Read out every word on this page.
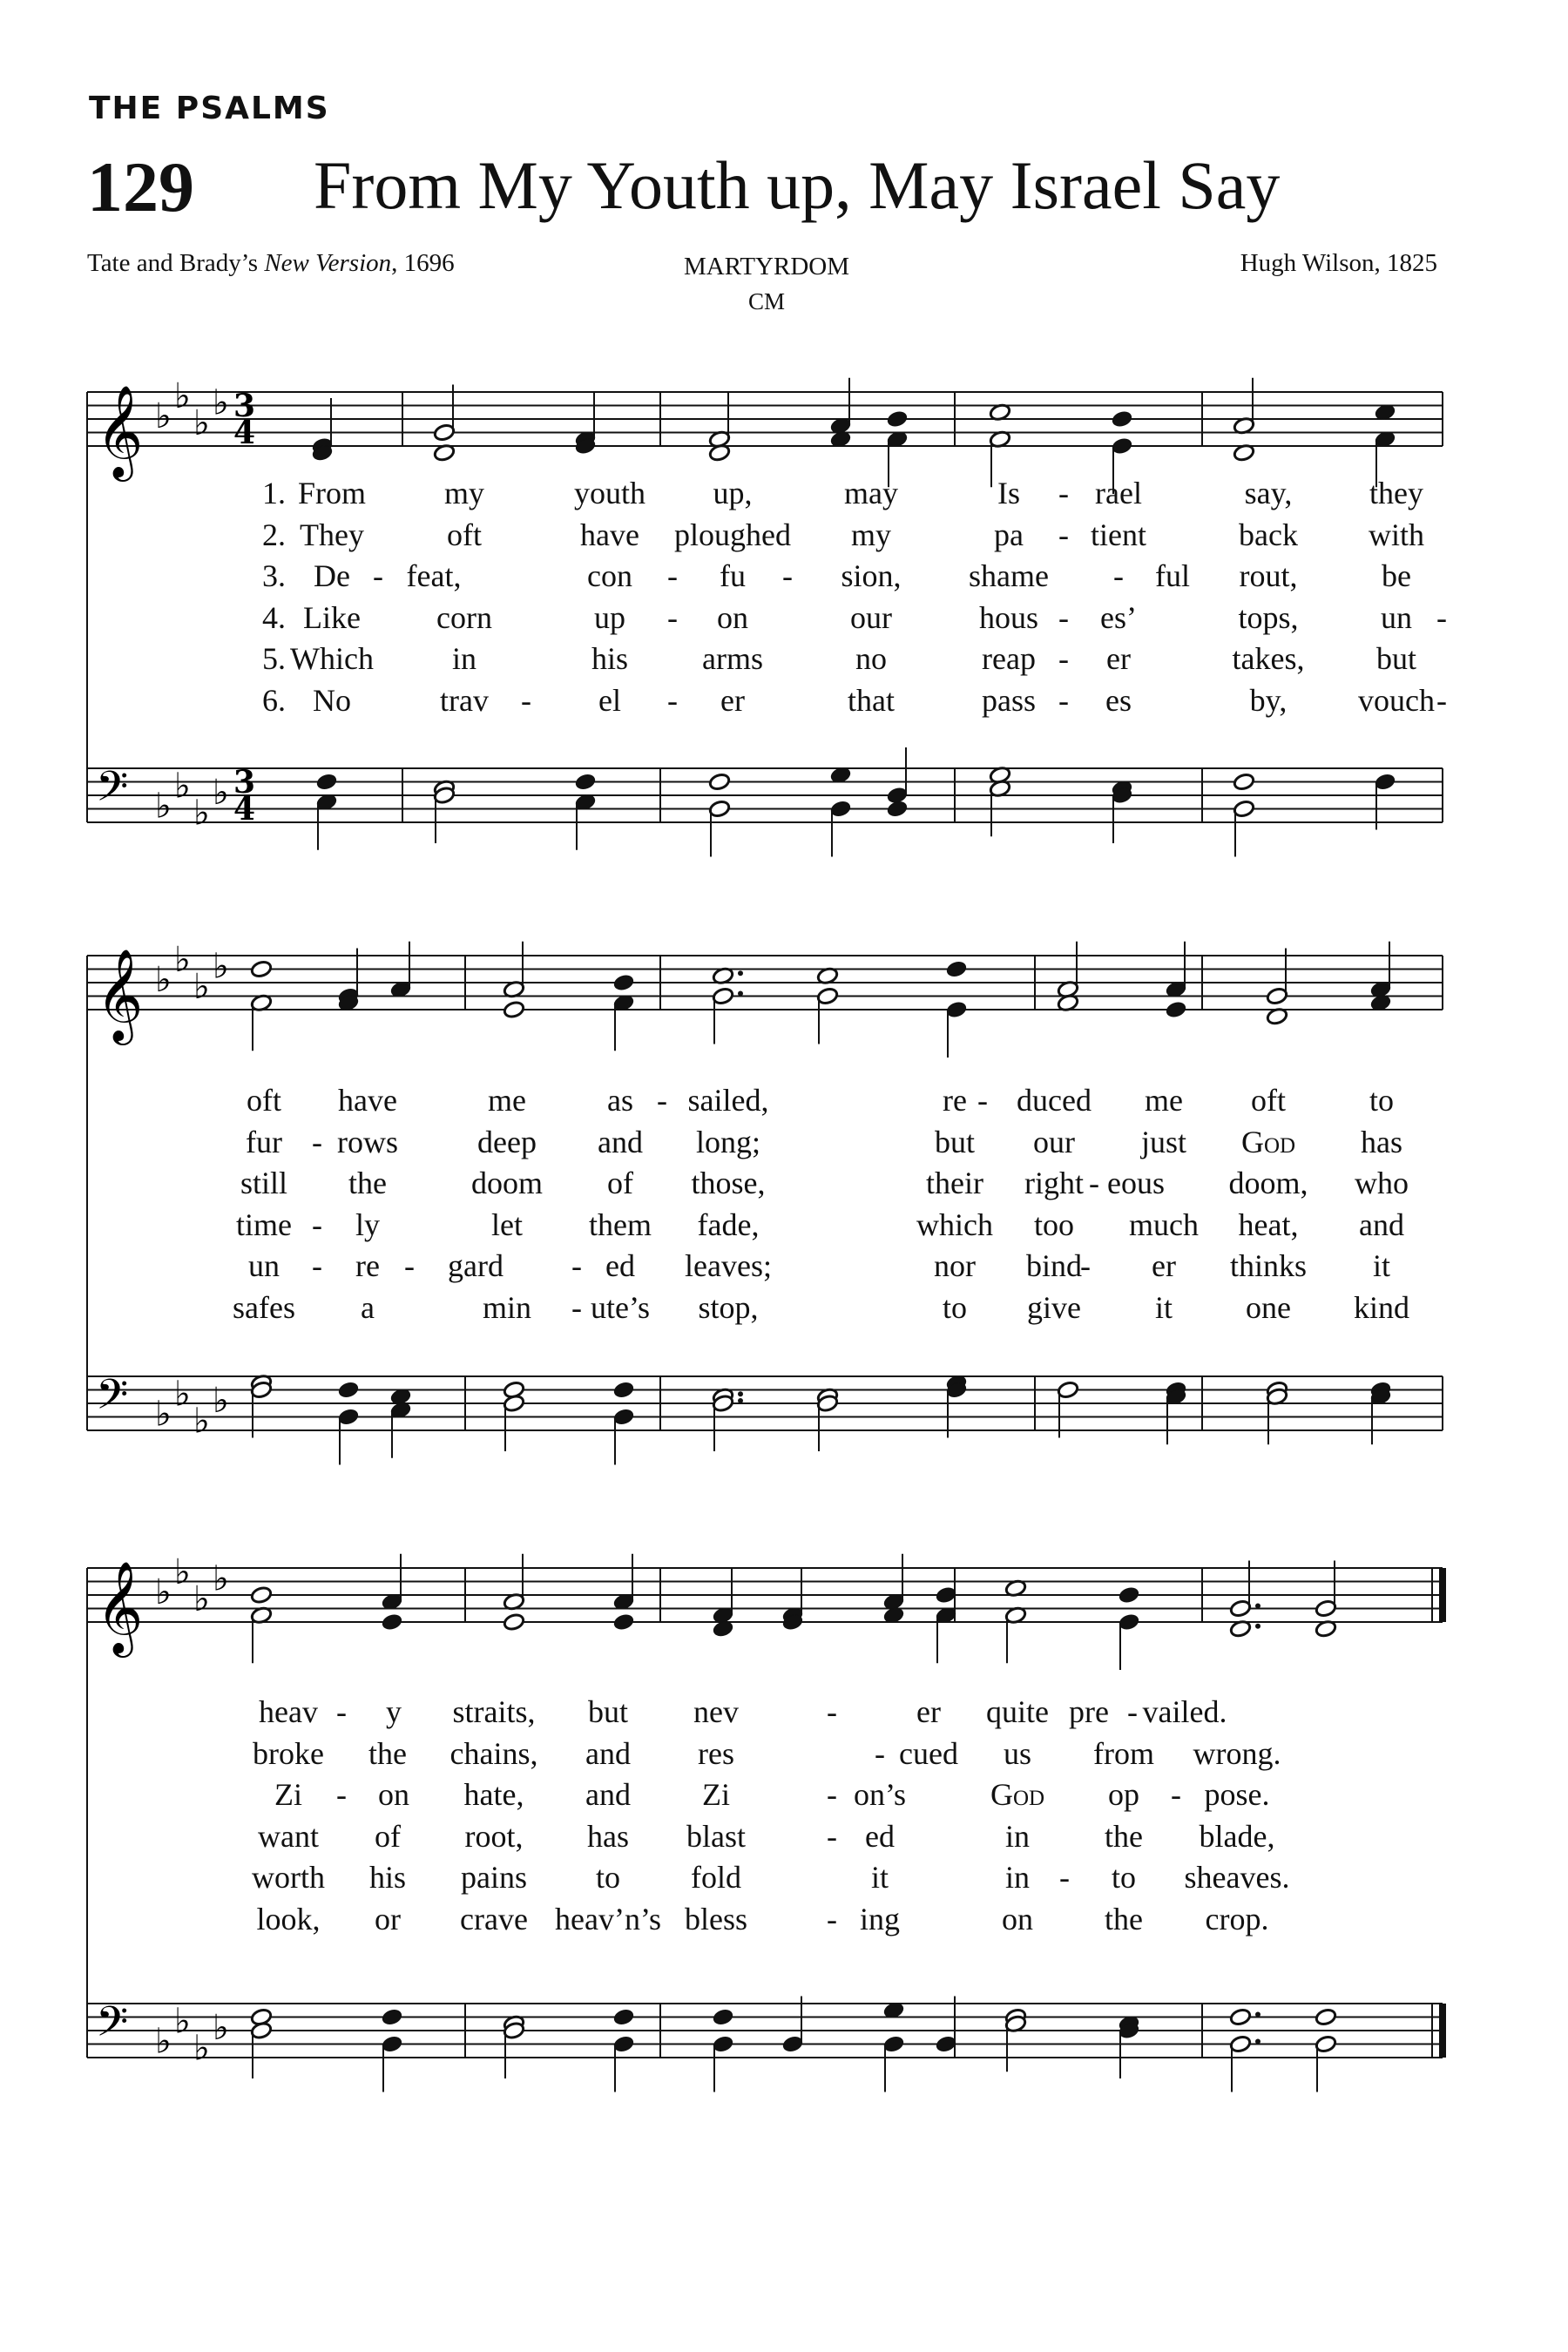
THE PSALMS
129 From My Youth up, May Israel Say
Tate and Brady’s New Version, 1696	MARTYRDOM
CM
Hugh Wilson, 1825
𝄞 ♭
♭
♭
♭ 3
4
𝄢 ♭
♭
♭
♭ 3
4
1. From my	youth up,	may	Is - rael	say, they
2. They	oft	have ploughed my	pa - tient	back with
3. De - feat,	con - fu - sion, shame - ful rout,	be
4. Like corn	up - on	our	hous - es’	tops,	un -
5. Which	in	his arms	no	reap - er	takes, but
6. No	trav - el - er	that	pass - es	by, vouch -
𝄞 ♭
♭
♭
♭
𝄢 ♭
♭
♭
♭
oft have	me	as - sailed,	re - duced me oft	to
fur - rows	deep and long;	but our just God has
still the	doom of those,	their right - eous doom, who
time - ly	let them fade,	which too much heat, and
un - re - gard - ed leaves;	nor bind
- er thinks it
safes a	min - ute’s stop,	to give it one kind
𝄞 ♭
♭
♭
♭
𝄢 ♭
♭
♭
♭
heav - y straits, but nev	-	er quite pre - vailed.
broke the chains, and res	- cued us from wrong.
Zi - on hate, and Zi	- on’s	God op - pose.
want of root, has blast	- ed	in the blade,
worth his pains to fold	it	in - to sheaves.
look, or crave heav’n’s bless	- ing	on the crop.
